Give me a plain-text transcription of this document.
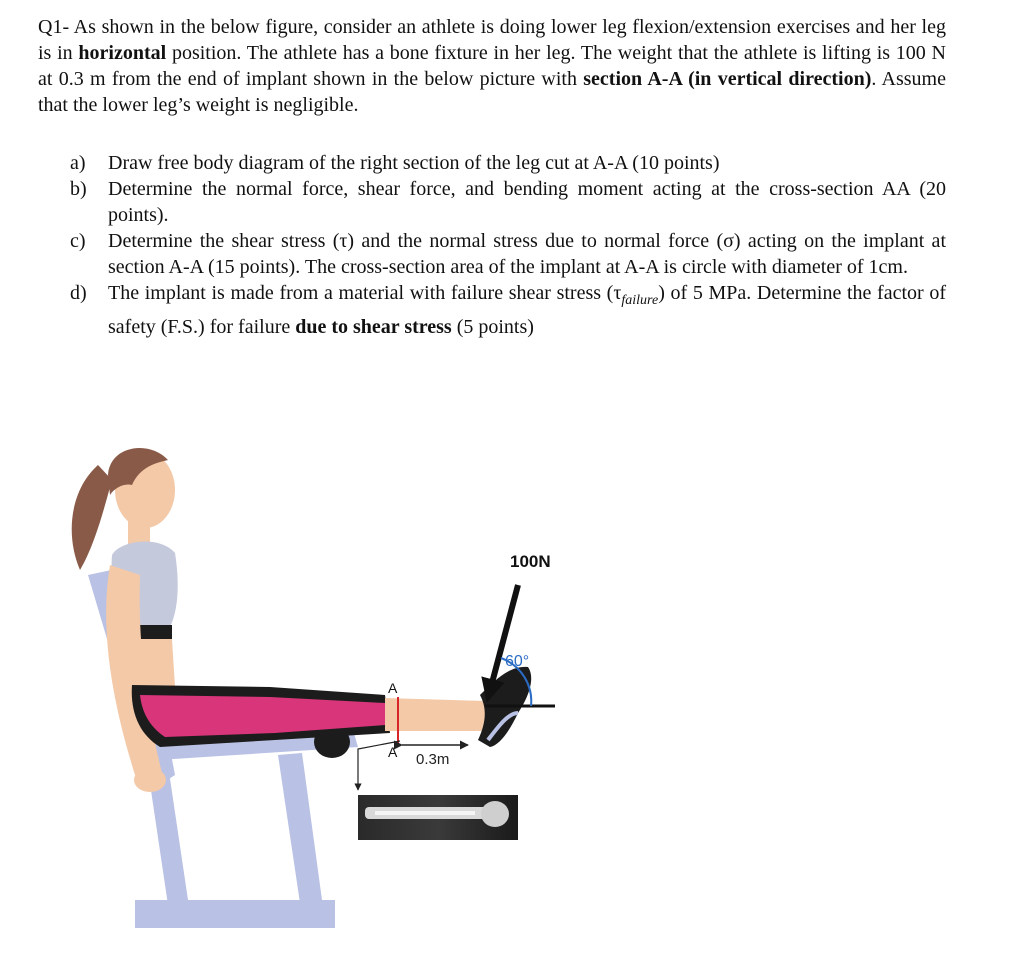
Q1- As shown in the below figure, consider an athlete is doing lower leg flexion/extension exercises and her leg is in horizontal position. The athlete has a bone fixture in her leg. The weight that the athlete is lifting is 100 N at 0.3 m from the end of implant shown in the below picture with section A-A (in vertical direction). Assume that the lower leg’s weight is negligible.

a)	Draw free body diagram of the right section of the leg cut at A-A (10 points)
b)	Determine the normal force, shear force, and bending moment acting at the cross-section AA (20 points).
c)	Determine the shear stress (τ) and the normal stress due to normal force (σ) acting on the implant at section A-A (15 points). The cross-section area of the implant at A-A is circle with diameter of 1cm.
d)	The implant is made from a material with failure shear stress $(\tau_{failure})$ of 5 MPa. Determine the factor of safety (F.S.) for failure due to shear stress (5 points)
100N
60°
A
A 0.3m
